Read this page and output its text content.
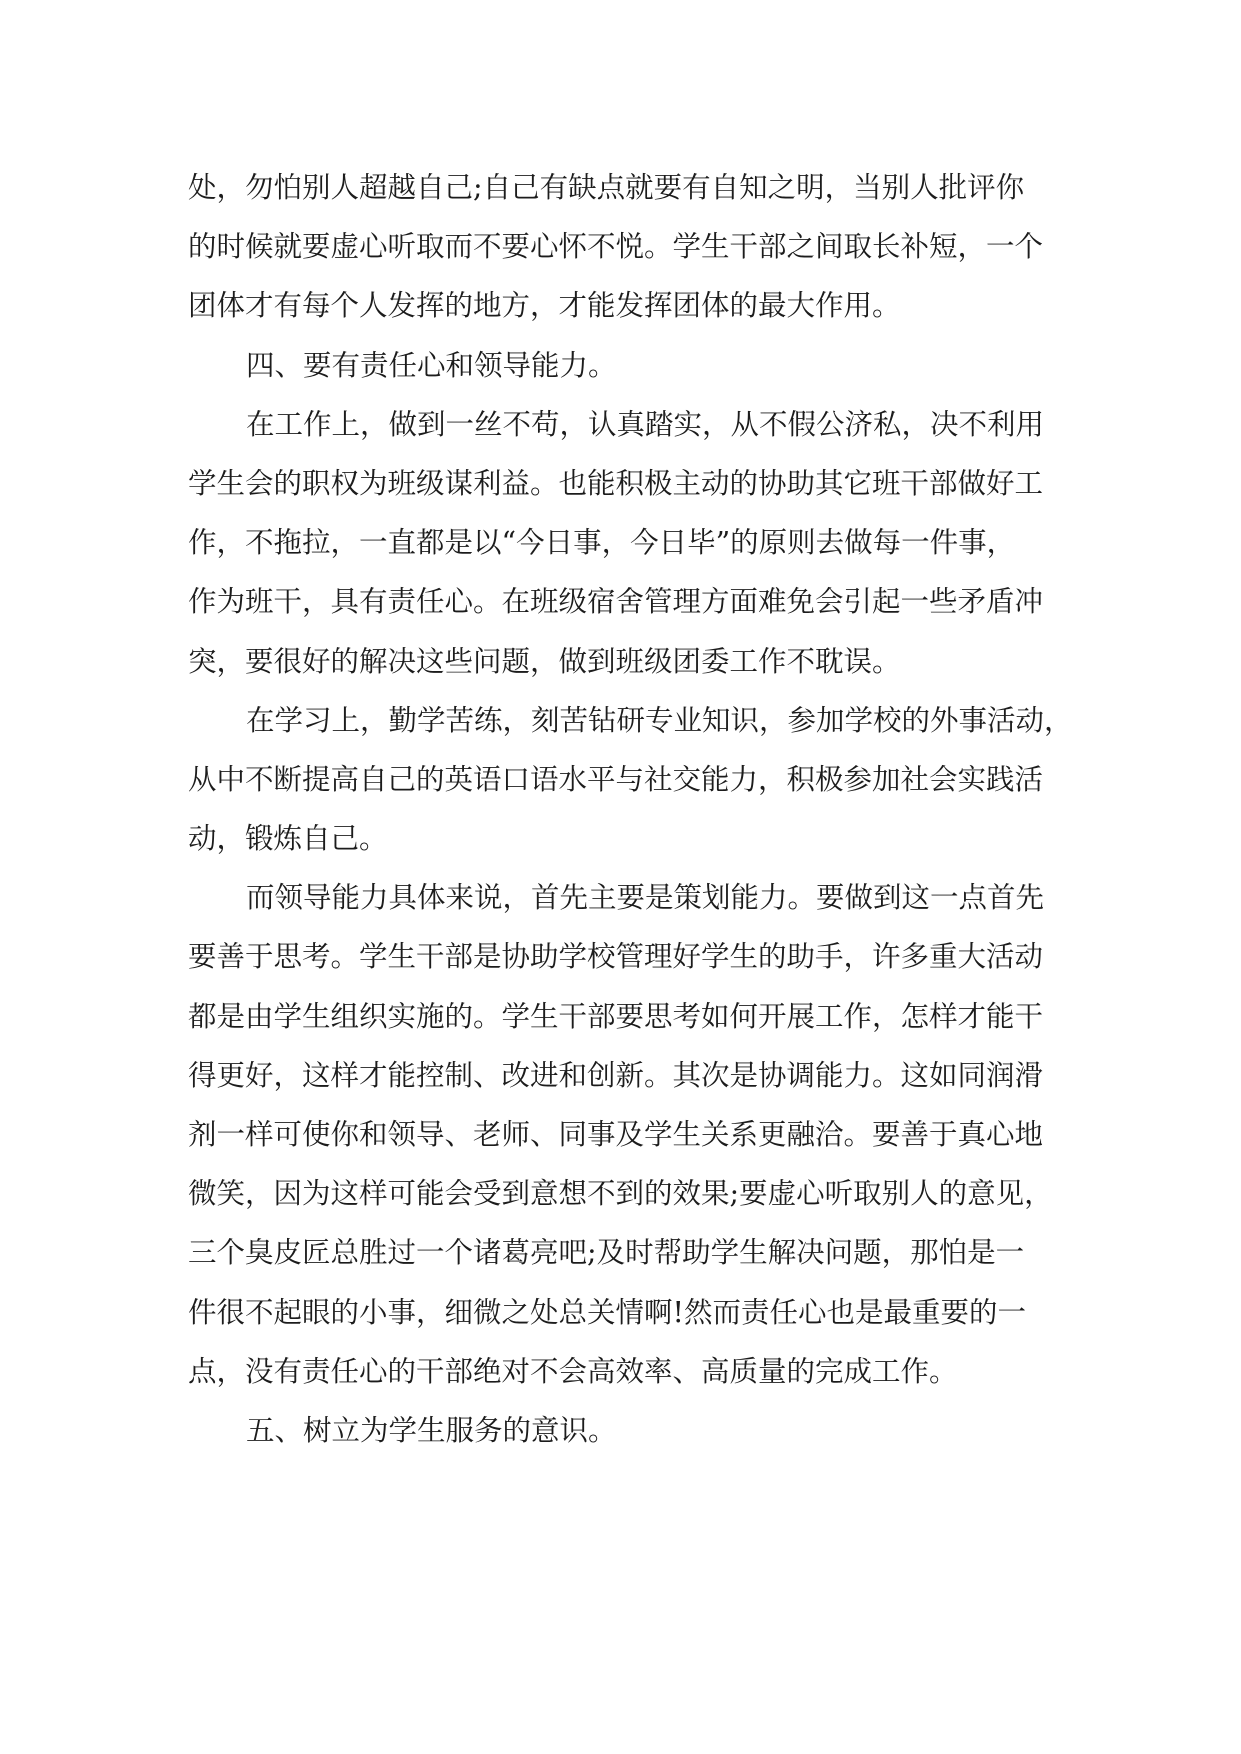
处，勿怕别人超越自己;自己有缺点就要有自知之明，当别人批评你
的时候就要虚心听取而不要心怀不悦。学生干部之间取长补短，一个
团体才有每个人发挥的地方，才能发挥团体的最大作用。
四、要有责任心和领导能力。
在工作上，做到一丝不苟，认真踏实，从不假公济私，决不利用
学生会的职权为班级谋利益。也能积极主动的协助其它班干部做好工
作，不拖拉，一直都是以“今日事，今日毕”的原则去做每一件事，
作为班干，具有责任心。在班级宿舍管理方面难免会引起一些矛盾冲
突，要很好的解决这些问题，做到班级团委工作不耽误。
在学习上，勤学苦练，刻苦钻研专业知识，参加学校的外事活动，
从中不断提高自己的英语口语水平与社交能力，积极参加社会实践活
动，锻炼自己。
而领导能力具体来说，首先主要是策划能力。要做到这一点首先
要善于思考。学生干部是协助学校管理好学生的助手，许多重大活动
都是由学生组织实施的。学生干部要思考如何开展工作，怎样才能干
得更好，这样才能控制、改进和创新。其次是协调能力。这如同润滑
剂一样可使你和领导、老师、同事及学生关系更融洽。要善于真心地
微笑，因为这样可能会受到意想不到的效果;要虚心听取别人的意见，
三个臭皮匠总胜过一个诸葛亮吧;及时帮助学生解决问题，那怕是一
件很不起眼的小事，细微之处总关情啊!然而责任心也是最重要的一
点，没有责任心的干部绝对不会高效率、高质量的完成工作。
五、树立为学生服务的意识。
